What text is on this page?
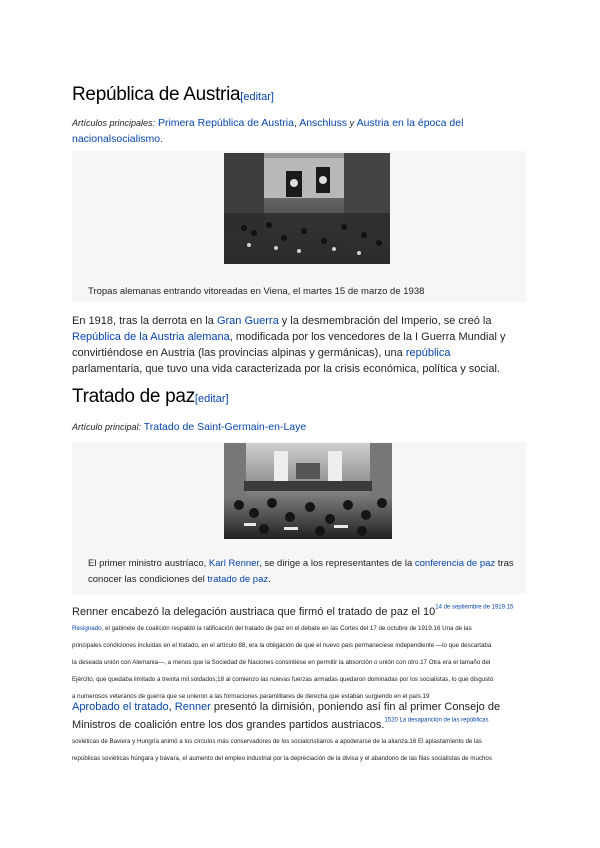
República de Austria[editar]
Artículos principales: Primera República de Austria, Anschluss y Austria en la época del
nacionalsocialismo.
Tropas alemanas entrando vitoreadas en Viena, el martes 15 de marzo de 1938
En 1918, tras la derrota en la Gran Guerra y la desmembración del Imperio, se creó la
República de la Austria alemana, modificada por los vencedores de la I Guerra Mundial y
convirtiéndose en Austria (las provincias alpinas y germánicas), una república
parlamentaria, que tuvo una vida caracterizada por la crisis económica, política y social.
Tratado de paz[editar]
Artículo principal: Tratado de Saint-Germain-en-Laye
El primer ministro austríaco, Karl Renner, se dirige a los representantes de la conferencia de paz tras
conocer las condiciones del tratado de paz.
Renner encabezó la delegación austriaca que firmó el tratado de paz el $10^{14 de septiembre de 1919.15}$
Resignado, el gabinete de coalición respaldó la ratificación del tratado de paz en el debate en las Cortes del 17 de octubre de 1919.16 Una de las
principales condiciones incluidas en el tratado, en el artículo 88, era la obligación de que el nuevo país permaneciese independiente —lo que descartaba
la deseada unión con Alemania—, a menos que la Sociedad de Naciones consintiese en permitir la absorción o unión con otro.17 Otra era el tamaño del
Ejército, que quedaba limitado a treinta mil soldados;18 al comienzo las nuevas fuerzas armadas quedaron dominadas por los socialistas, lo que disgustó
a numerosos veteranos de guerra que se unieron a las formaciones paramilitares de derecha que estaban surgiendo en el país.19
Aprobado el tratado, Renner presentó la dimisión, poniendo así fin al primer Consejo de
Ministros de coalición entre los dos grandes partidos austriacos.$^{1520 La desaparición de las repúblicas}$
soviéticas de Baviera y Hungría animó a los círculos más conservadores de los socialcristianos a apoderarse de la alianza.16 El aplastamiento de las
repúblicas soviéticas húngara y bávara, el aumento del empleo industrial por la depreciación de la divisa y el abandono de las filas socialistas de muchos
